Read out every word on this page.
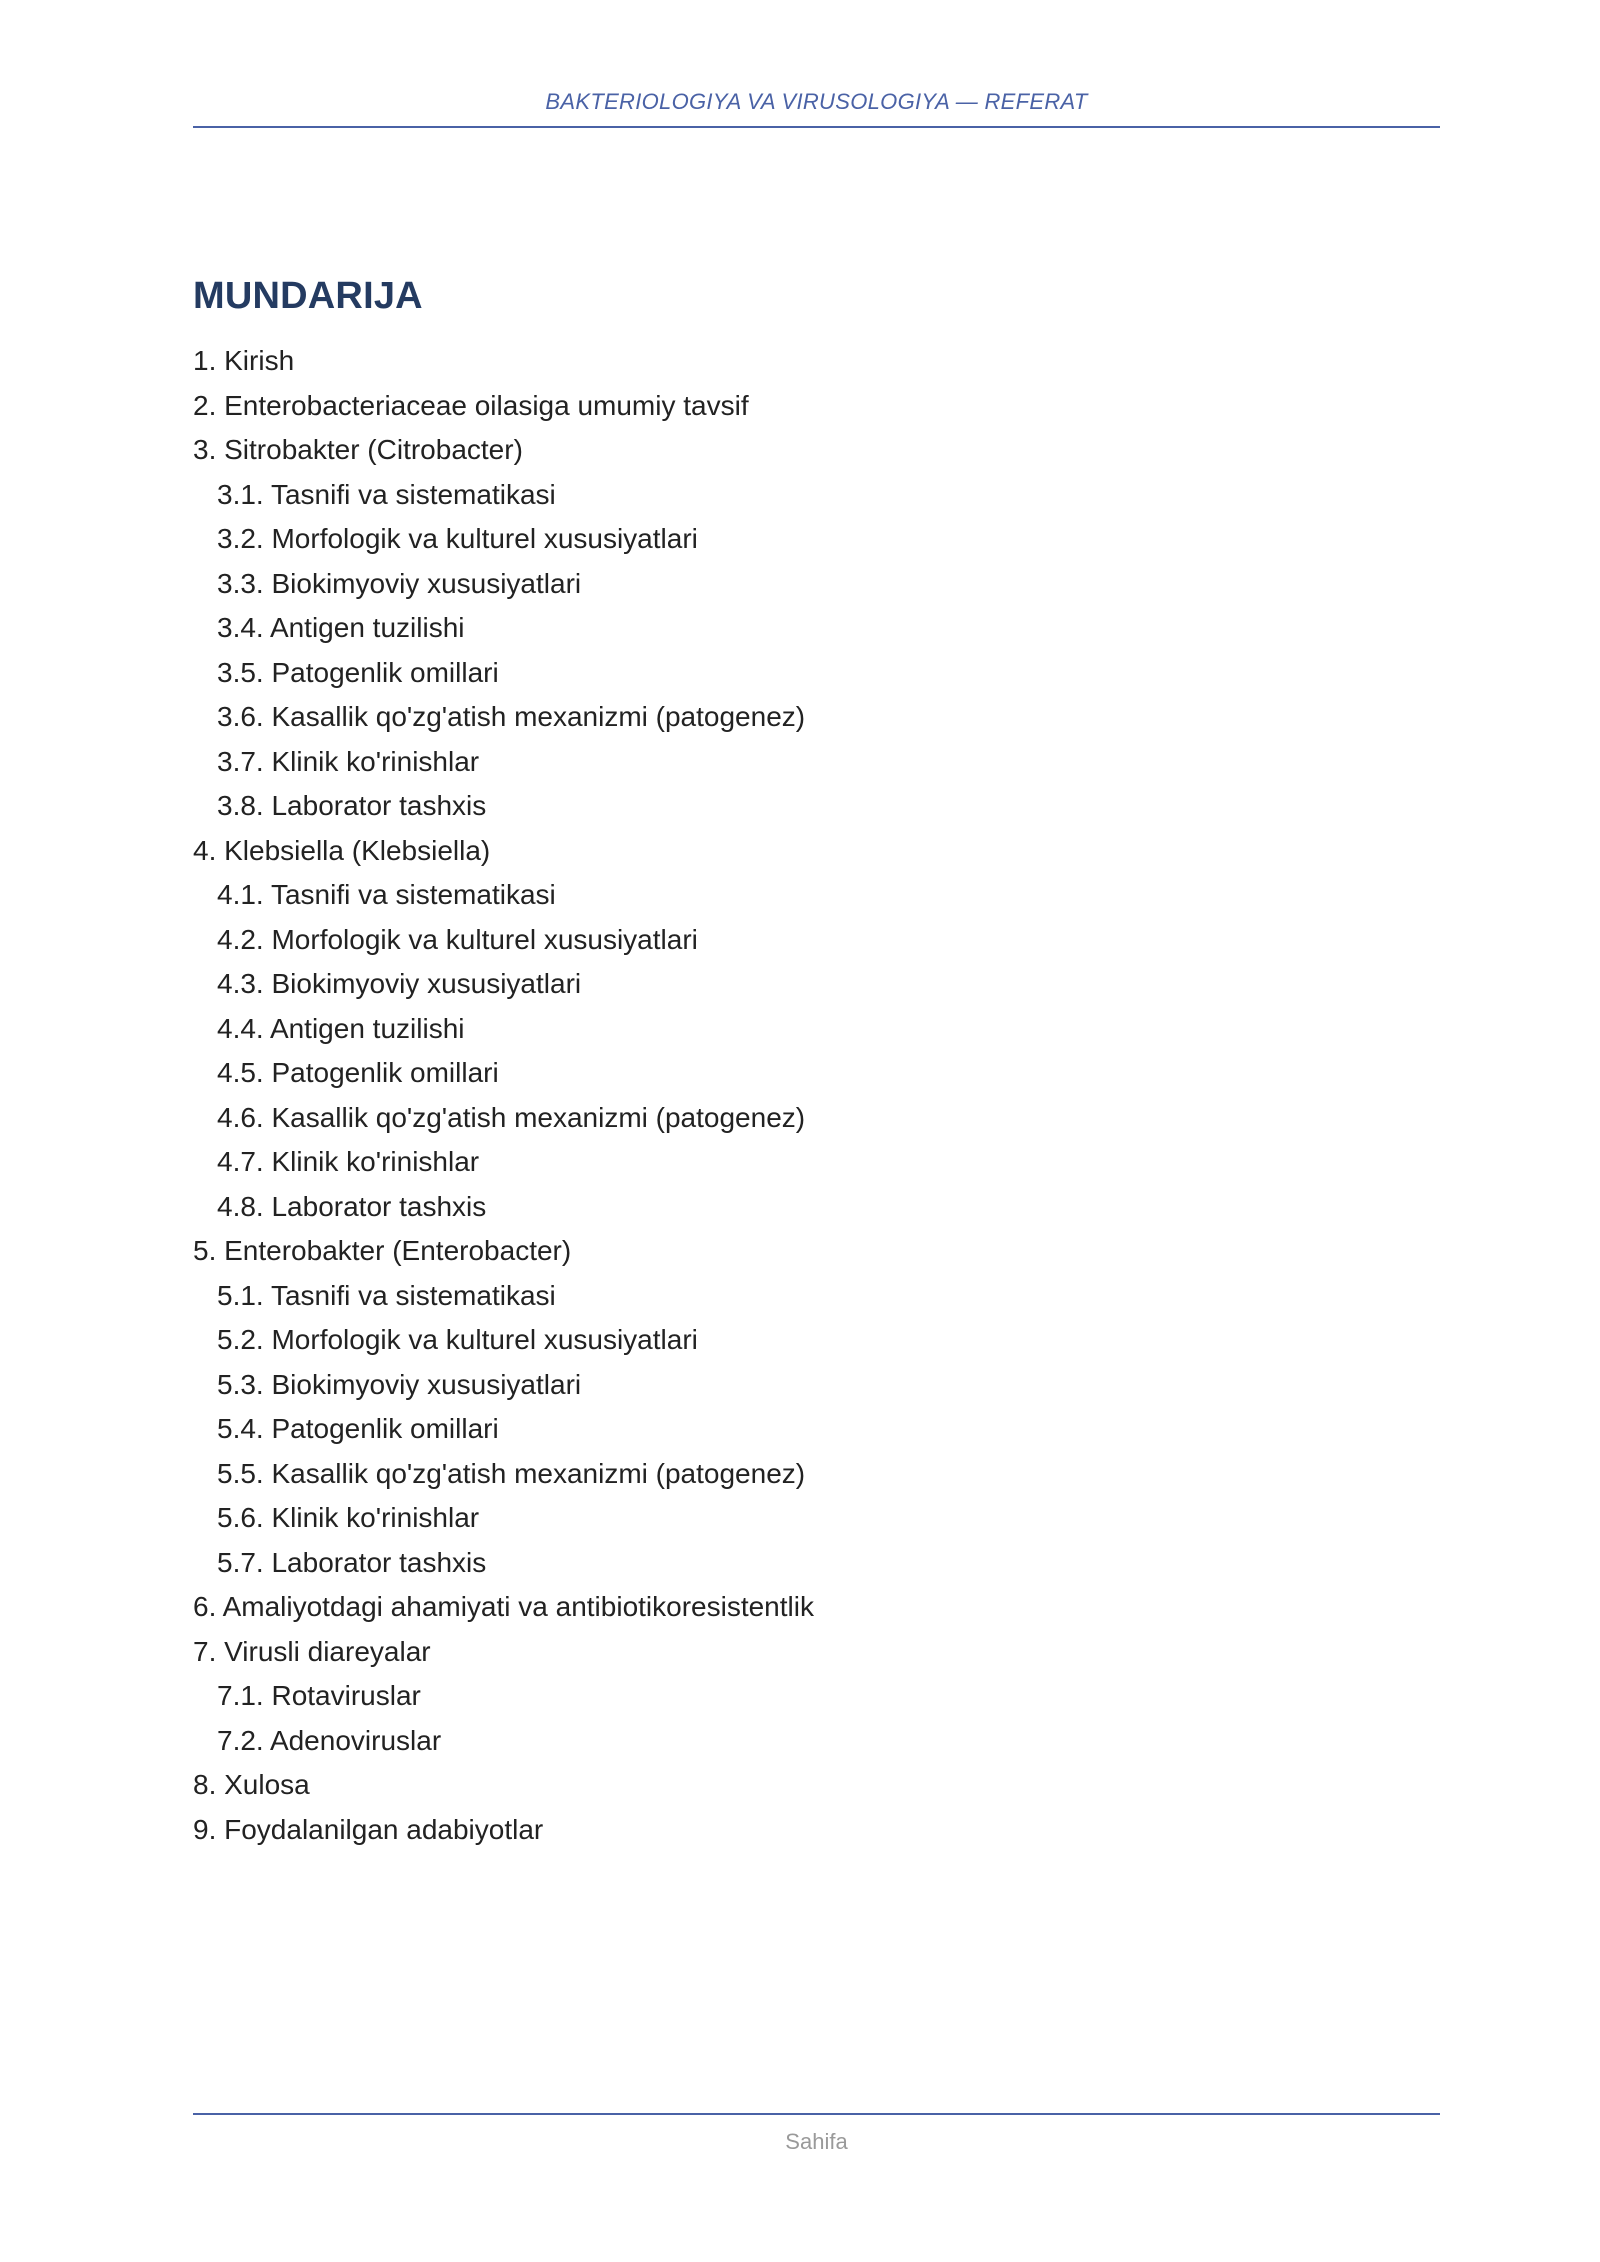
BAKTERIOLOGIYA VA VIRUSOLOGIYA — REFERAT
MUNDARIJA
1. Kirish
2. Enterobacteriaceae oilasiga umumiy tavsif
3. Sitrobakter (Citrobacter)
3.1. Tasnifi va sistematikasi
3.2. Morfologik va kulturel xususiyatlari
3.3. Biokimyoviy xususiyatlari
3.4. Antigen tuzilishi
3.5. Patogenlik omillari
3.6. Kasallik qo'zg'atish mexanizmi (patogenez)
3.7. Klinik ko'rinishlar
3.8. Laborator tashxis
4. Klebsiella (Klebsiella)
4.1. Tasnifi va sistematikasi
4.2. Morfologik va kulturel xususiyatlari
4.3. Biokimyoviy xususiyatlari
4.4. Antigen tuzilishi
4.5. Patogenlik omillari
4.6. Kasallik qo'zg'atish mexanizmi (patogenez)
4.7. Klinik ko'rinishlar
4.8. Laborator tashxis
5. Enterobakter (Enterobacter)
5.1. Tasnifi va sistematikasi
5.2. Morfologik va kulturel xususiyatlari
5.3. Biokimyoviy xususiyatlari
5.4. Patogenlik omillari
5.5. Kasallik qo'zg'atish mexanizmi (patogenez)
5.6. Klinik ko'rinishlar
5.7. Laborator tashxis
6. Amaliyotdagi ahamiyati va antibiotikoresistentlik
7. Virusli diareyalar
7.1. Rotaviruslar
7.2. Adenoviruslar
8. Xulosa
9. Foydalanilgan adabiyotlar
Sahifa
